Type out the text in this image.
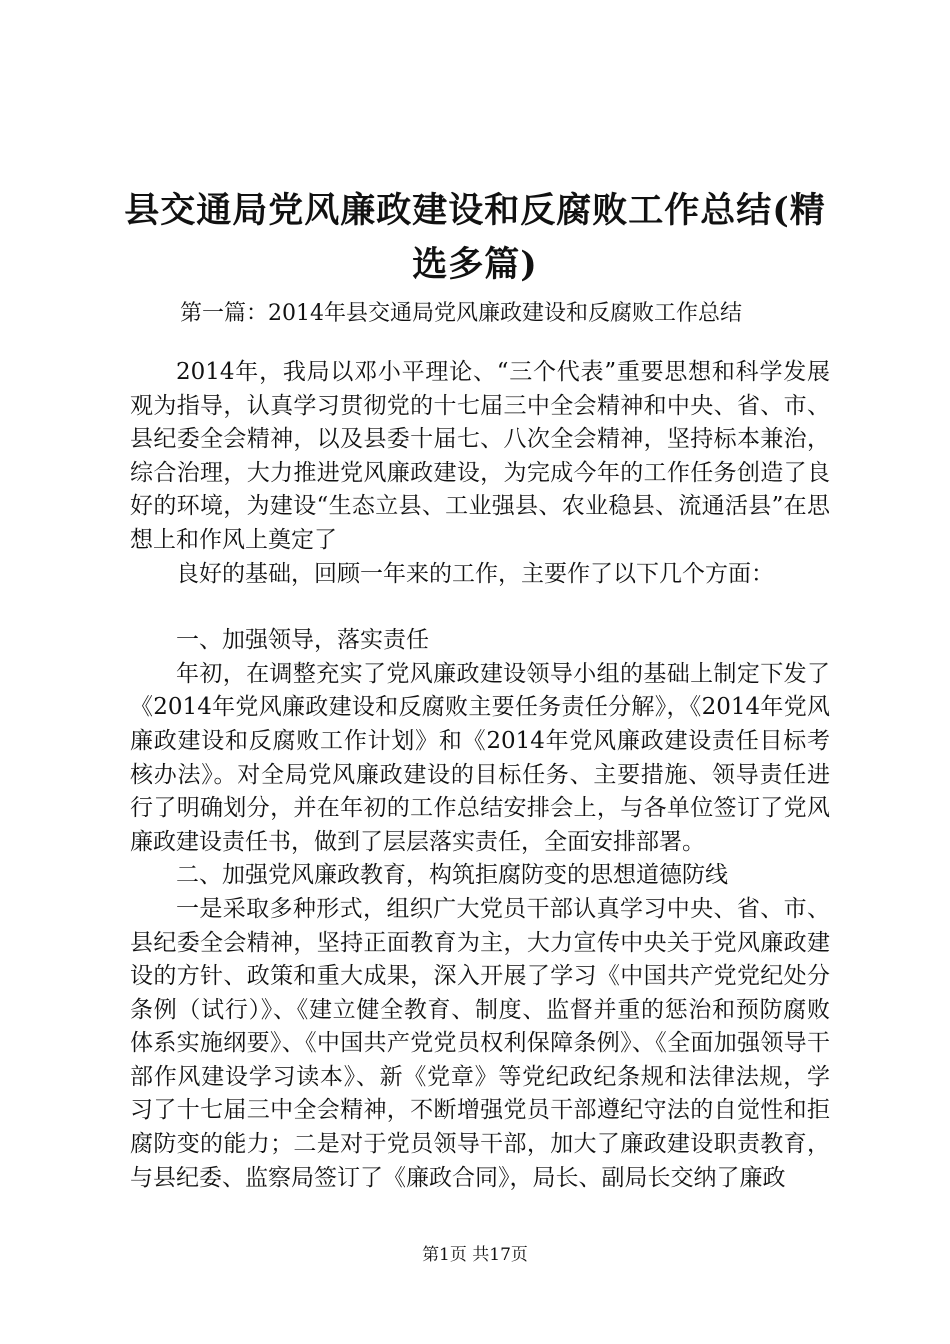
县交通局党风廉政建设和反腐败工作总结(精选多篇)
第一篇：2014年县交通局党风廉政建设和反腐败工作总结

2014年，我局以邓小平理论、“三个代表”重要思想和科学发展观为指导，认真学习贯彻党的十七届三中全会精神和中央、省、市、县纪委全会精神，以及县委十届七、八次全会精神，坚持标本兼治，综合治理，大力推进党风廉政建设，为完成今年的工作任务创造了良好的环境，为建设“生态立县、工业强县、农业稳县、流通活县”在思想上和作风上奠定了

良好的基础，回顾一年来的工作，主要作了以下几个方面：

一、加强领导，落实责任

年初，在调整充实了党风廉政建设领导小组的基础上制定下发了《2014年党风廉政建设和反腐败主要任务责任分解》，《2014年党风廉政建设和反腐败工作计划》和《2014年党风廉政建设责任目标考核办法》。对全局党风廉政建设的目标任务、主要措施、领导责任进行了明确划分，并在年初的工作总结安排会上，与各单位签订了党风廉政建设责任书，做到了层层落实责任，全面安排部署。

二、加强党风廉政教育，构筑拒腐防变的思想道德防线

一是采取多种形式，组织广大党员干部认真学习中央、省、市、县纪委全会精神，坚持正面教育为主，大力宣传中央关于党风廉政建设的方针、政策和重大成果，深入开展了学习《中国共产党党纪处分条例（试行）》、《建立健全教育、制度、监督并重的惩治和预防腐败体系实施纲要》、《中国共产党党员权利保障条例》、《全面加强领导干部作风建设学习读本》、新《党章》等党纪政纪条规和法律法规，学习了十七届三中全会精神，不断增强党员干部遵纪守法的自觉性和拒腐防变的能力；二是对于党员领导干部，加大了廉政建设职责教育，与县纪委、监察局签订了《廉政合同》，局长、副局长交纳了廉政

第1页 共17页
